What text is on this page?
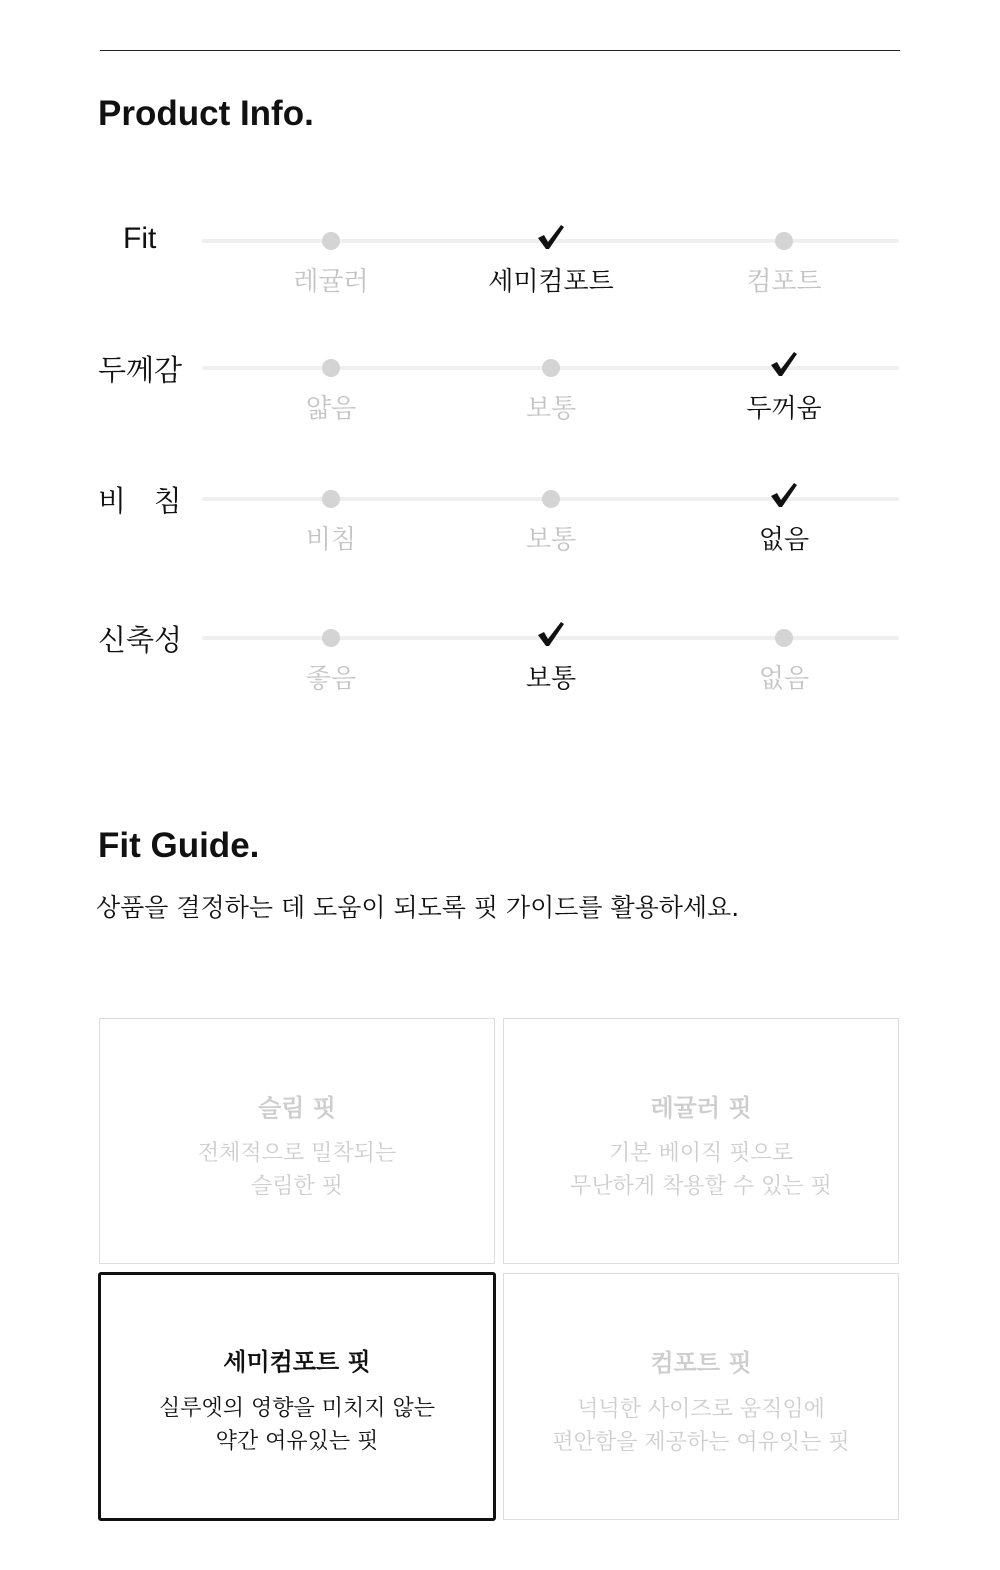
Product Info.
Fit
레귤러	세미컴포트	컴포트
두께감
얇음	보통	두꺼움
비   침
비침	보통	없음
신축성
좋음	보통	없음
Fit Guide.

상품을 결정하는 데 도움이 되도록 핏 가이드를 활용하세요.

슬림 핏
전체적으로 밀착되는
슬림한 핏
레귤러 핏
기본 베이직 핏으로
무난하게 착용할 수 있는 핏
세미컴포트 핏
실루엣의 영향을 미치지 않는
약간 여유있는 핏
컴포트 핏
넉넉한 사이즈로 움직임에
편안함을 제공하는 여유잇는 핏
